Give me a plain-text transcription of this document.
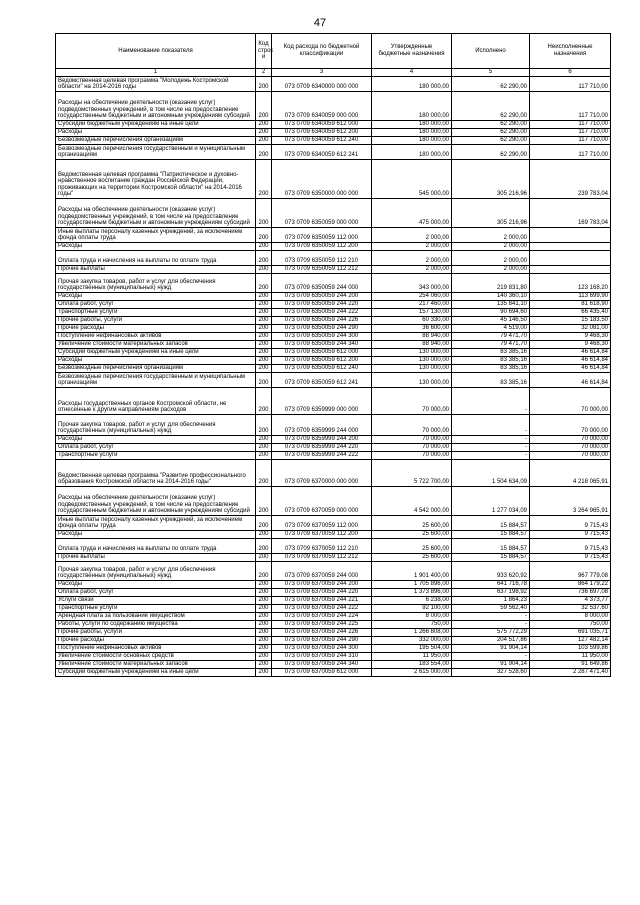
47
Наименование показателя	Код строк и	Код расхода по бюджетной классификации	Утвержденные бюджетные назначения	Исполнено	Неисполненные назначения
1	2	3	4	5	6
Ведомственная целевая программа "Молодежь Костромской области" на 2014-2016 годы	200	073 0709 6340000 000 000	180 000,00	62 290,00	117 710,00
Расходы на обеспечение деятельности (оказание услуг) подведомственных учреждений, в том числе на предоставление государственным бюджетным и автономным учреждениям субсидий	200	073 0709 6340059 000 000	180 000,00	62 290,00	117 710,00
Субсидии бюджетным учреждениям на иные цели	200	073 0709 6340059 612 000	180 000,00	62 290,00	117 710,00
Расходы	200	073 0709 6340059 612 200	180 000,00	62 290,00	117 710,00
Безвозмездные перечисления организациям	200	073 0709 6340059 612 240	180 000,00	62 290,00	117 710,00
Безвозмездные перечисления государственным и муниципальным организациям	200	073 0709 6340059 612 241	180 000,00	62 290,00	117 710,00
Ведомственная целевая программа "Патриотическое и духовно-нравственное воспитание граждан Российской Федерации, проживающих на территории Костромской области" на 2014-2016 годы"	200	073 0709 6350000 000 000	545 000,00	305 216,96	239 783,04
Расходы на обеспечение деятельности (оказание услуг) подведомственных учреждений, в том числе на предоставление государственным бюджетным и автономным учреждениям субсидий	200	073 0709 6350059 000 000	475 000,00	305 216,96	169 783,04
Иные выплаты персоналу казенных учреждений, за исключением фонда оплаты труда	200	073 0709 6350059 112 000	2 000,00	2 000,00	
Расходы	200	073 0709 6350059 112 200	2 000,00	2 000,00	
Оплата труда и начисления на выплаты по оплате труда	200	073 0709 6350059 112 210	2 000,00	2 000,00	
Прочие выплаты	200	073 0709 6350059 112 212	2 000,00	2 000,00	
Прочая закупка товаров, работ и услуг для обеспечения государственных (муниципальных) нужд	200	073 0709 6350059 244 000	343 000,00	219 831,80	123 168,20
Расходы	200	073 0709 6350059 244 200	254 060,00	140 360,10	113 699,90
Оплата работ, услуг	200	073 0709 6350059 244 220	217 460,00	135 841,10	81 618,90
Транспортные услуги	200	073 0709 6350059 244 222	157 130,00	90 694,60	66 435,40
Прочие работы, услуги	200	073 0709 6350059 244 226	60 330,00	45 146,50	15 183,50
Прочие расходы	200	073 0709 6350059 244 290	36 600,00	4 519,00	32 081,00
Поступление нефинансовых активов	200	073 0709 6350059 244 300	88 940,00	79 471,70	9 468,30
Увеличение стоимости материальных запасов	200	073 0709 6350059 244 340	88 940,00	79 471,70	9 468,30
Субсидии бюджетным учреждениям на иные цели	200	073 0709 6350059 612 000	130 000,00	83 385,16	46 614,84
Расходы	200	073 0709 6350059 612 200	130 000,00	83 385,16	46 614,84
Безвозмездные перечисления организациям	200	073 0709 6350059 612 240	130 000,00	83 385,16	46 614,84
Безвозмездные перечисления государственным и муниципальным организациям	200	073 0709 6350059 612 241	130 000,00	83 385,16	46 614,84
Расходы государственных органов Костромской области, не отнесенные к другим направлениям расходов	200	073 0709 6359999 000 000	70 000,00	-	70 000,00
Прочая закупка товаров, работ и услуг для обеспечения государственных (муниципальных) нужд	200	073 0709 6359999 244 000	70 000,00	-	70 000,00
Расходы	200	073 0709 6359999 244 200	70 000,00	-	70 000,00
Оплата работ, услуг	200	073 0709 6359999 244 220	70 000,00	-	70 000,00
Транспортные услуги	200	073 0709 6359999 244 222	70 000,00	-	70 000,00
Ведомственная целевая программа "Развитие профессионального образования Костромской области на 2014-2016 годы"	200	073 0709 6370000 000 000	5 722 700,00	1 504 634,09	4 218 065,91
Расходы на обеспечение деятельности (оказание услуг) подведомственных учреждений, в том числе на предоставление государственным бюджетным и автономным учреждениям субсидий	200	073 0709 6370059 000 000	4 542 000,00	1 277 034,09	3 264 965,91
Иные выплаты персоналу казенных учреждений, за исключением фонда оплаты труда	200	073 0709 6370059 112 000	25 600,00	15 884,57	9 715,43
Расходы	200	073 0709 6370059 112 200	25 600,00	15 884,57	9 715,43
Оплата труда и начисления на выплаты по оплате труда	200	073 0709 6370059 112 210	25 600,00	15 884,57	9 715,43
Прочие выплаты	200	073 0709 6370059 112 212	25 600,00	15 884,57	9 715,43
Прочая закупка товаров, работ и услуг для обеспечения государственных (муниципальных) нужд	200	073 0709 6370059 244 000	1 901 400,00	933 620,92	967 779,08
Расходы	200	073 0709 6370059 244 200	1 705 896,00	641 716,78	864 179,22
Оплата работ, услуг	200	073 0709 6370059 244 220	1 373 896,00	637 198,92	736 697,08
Услуги связи	200	073 0709 6370059 244 221	6 238,00	1 864,23	4 373,77
Транспортные услуги	200	073 0709 6370059 244 222	92 100,00	59 562,40	32 537,60
Арендная плата за пользование имуществом	200	073 0709 6370059 244 224	8 000,00	-	8 000,00
Работы, услуги по содержанию имущества	200	073 0709 6370059 244 225	750,00	-	750,00
Прочие работы, услуги	200	073 0709 6370059 244 226	1 266 808,00	575 772,29	691 035,71
Прочие расходы	200	073 0709 6370059 244 290	332 000,00	204 517,86	127 482,14
Поступление нефинансовых активов	200	073 0709 6370059 244 300	195 504,00	91 904,14	103 599,86
Увеличение стоимости основных средств	200	073 0709 6370059 244 310	11 950,00	-	11 950,00
Увеличение стоимости материальных запасов	200	073 0709 6370059 244 340	183 554,00	91 904,14	91 649,86
Субсидии бюджетным учреждениям на иные цели	200	073 0709 6370059 612 000	2 615 000,00	327 528,60	2 287 471,40
